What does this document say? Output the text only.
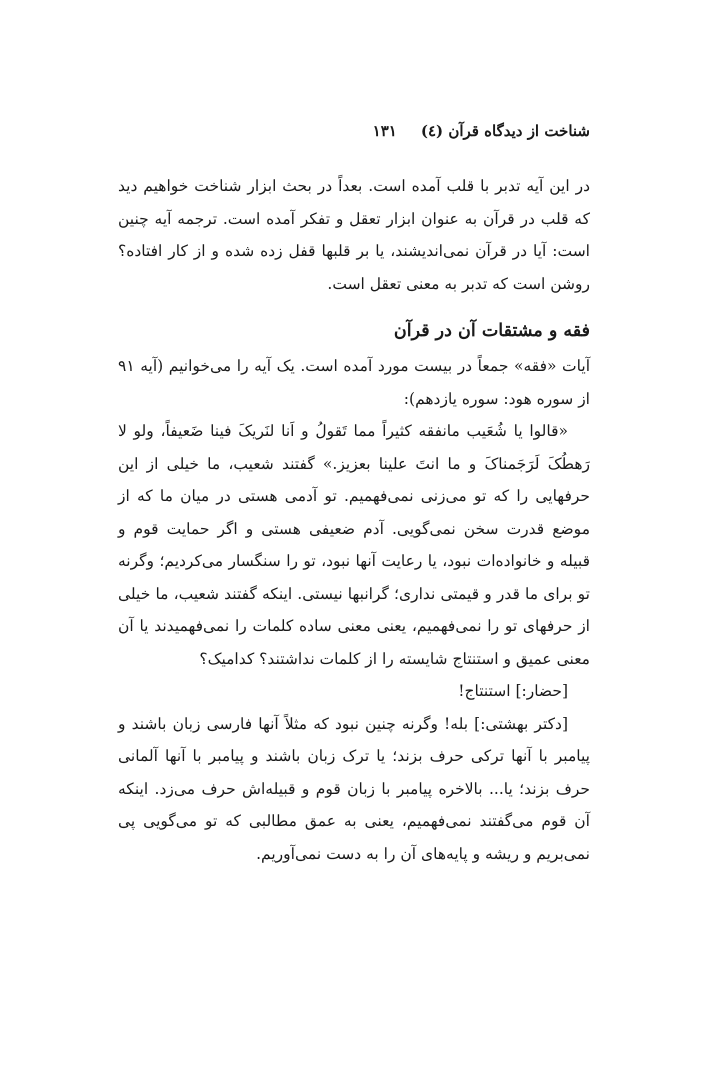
شناخت از دیدگاه قرآن (٤)١٣١

در این آیه تدبر با قلب آمده است. بعداً در بحث ابزار شناخت خواهیم دید که قلب در قرآن به عنوان ابزار تعقل و تفکر آمده است. ترجمه آیه چنین است: آیا در قرآن نمی‌اندیشند، یا بر قلبها قفل زده شده و از کار افتاده؟ روشن است که تدبر به معنی تعقل است.

فقه و مشتقات آن در قرآن

آیات «فقه» جمعاً در بیست مورد آمده است. یک آیه را می‌خوانیم (آیه ۹۱ از سوره هود: سوره یازدهم):

«قالوا یا شُعَیب مانفقه کثیراً مما تَقولُ و اَنا لنَریکَ فینا ضَعیفاً، ولو لا رَهطُکَ لَرَجَمناکَ و ما انتَ علینا بعزیز.» گفتند شعیب، ما خیلی از این حرفهایی را که تو می‌زنی نمی‌فهمیم. تو آدمی هستی در میان ما که از موضع قدرت سخن نمی‌گویی. آدم ضعیفی هستی و اگر حمایت قوم و قبیله و خانواده‌ات نبود، یا رعایت آنها نبود، تو را سنگسار می‌کردیم؛ وگرنه تو برای ما قدر و قیمتی نداری؛ گرانبها نیستی. اینکه گفتند شعیب، ما خیلی از حرفهای تو را نمی‌فهمیم، یعنی معنی ساده کلمات را نمی‌فهمیدند یا آن معنی عمیق و استنتاج شایسته را از کلمات نداشتند؟ کدامیک؟

[حضار:] استنتاج!

[دکتر بهشتی:] بله! وگرنه چنین نبود که مثلاً آنها فارسی زبان باشند و پیامبر با آنها ترکی حرف بزند؛ یا ترک زبان باشند و پیامبر با آنها آلمانی حرف بزند؛ یا... بالاخره پیامبر با زبان قوم و قبیله‌اش حرف می‌زد. اینکه آن قوم می‌گفتند نمی‌فهمیم، یعنی به عمق مطالبی که تو می‌گویی پی نمی‌بریم و ریشه و پایه‌های آن را به دست نمی‌آوریم.
